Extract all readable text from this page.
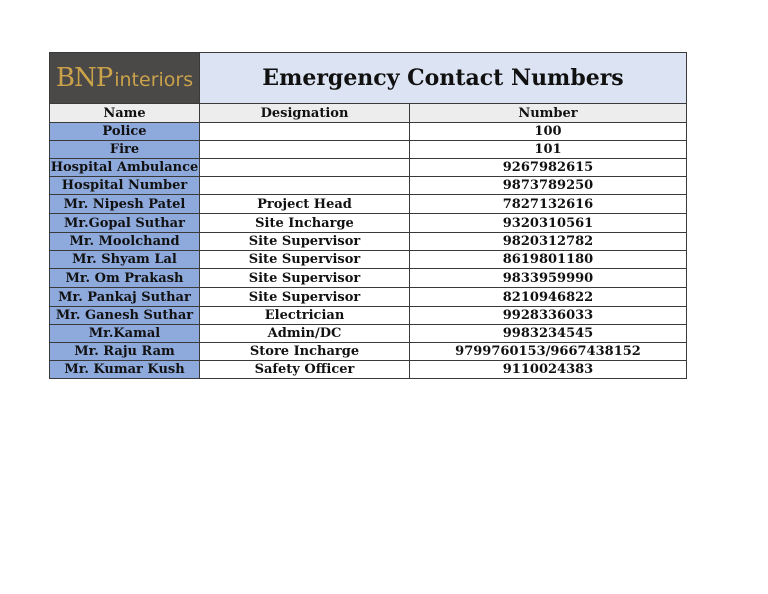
BNP interiors	Emergency Contact Numbers	
Name	Designation	Number
Police		100
Fire		101
Hospital Ambulance		9267982615
Hospital Number		9873789250
Mr. Nipesh Patel	Project Head	7827132616
Mr.Gopal Suthar	Site Incharge	9320310561
Mr. Moolchand	Site Supervisor	9820312782
Mr. Shyam Lal	Site Supervisor	8619801180
Mr. Om Prakash	Site Supervisor	9833959990
Mr. Pankaj Suthar	Site Supervisor	8210946822
Mr. Ganesh Suthar	Electrician	9928336033
Mr.Kamal	Admin/DC	9983234545
Mr. Raju Ram	Store Incharge	9799760153/9667438152
Mr. Kumar Kush	Safety Officer	9110024383
